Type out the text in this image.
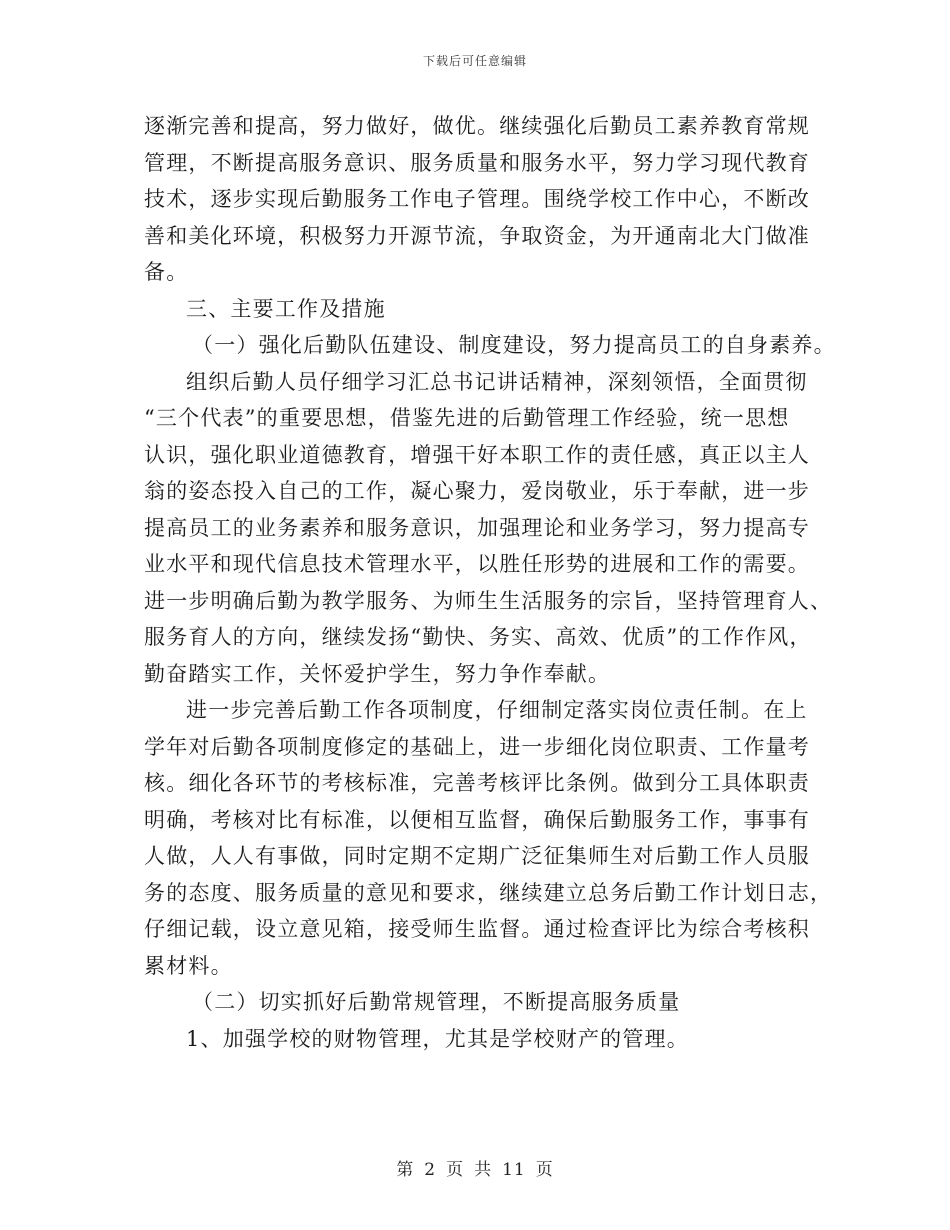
下载后可任意编辑
逐渐完善和提高，努力做好，做优。继续强化后勤员工素养教育常规
管理，不断提高服务意识、服务质量和服务水平，努力学习现代教育
技术，逐步实现后勤服务工作电子管理。围绕学校工作中心，不断改
善和美化环境，积极努力开源节流，争取资金，为开通南北大门做准
备。
三、主要工作及措施
（一）强化后勤队伍建设、制度建设，努力提高员工的自身素养。
组织后勤人员仔细学习汇总书记讲话精神，深刻领悟，全面贯彻
“三个代表”的重要思想，借鉴先进的后勤管理工作经验，统一思想
认识，强化职业道德教育，增强干好本职工作的责任感，真正以主人
翁的姿态投入自己的工作，凝心聚力，爱岗敬业，乐于奉献，进一步
提高员工的业务素养和服务意识，加强理论和业务学习，努力提高专
业水平和现代信息技术管理水平，以胜任形势的进展和工作的需要。
进一步明确后勤为教学服务、为师生生活服务的宗旨，坚持管理育人、
服务育人的方向，继续发扬“勤快、务实、高效、优质”的工作作风，
勤奋踏实工作，关怀爱护学生，努力争作奉献。
进一步完善后勤工作各项制度，仔细制定落实岗位责任制。在上
学年对后勤各项制度修定的基础上，进一步细化岗位职责、工作量考
核。细化各环节的考核标准，完善考核评比条例。做到分工具体职责
明确，考核对比有标准，以便相互监督，确保后勤服务工作，事事有
人做，人人有事做，同时定期不定期广泛征集师生对后勤工作人员服
务的态度、服务质量的意见和要求，继续建立总务后勤工作计划日志，
仔细记载，设立意见箱，接受师生监督。通过检查评比为综合考核积
累材料。
（二）切实抓好后勤常规管理，不断提高服务质量
1、加强学校的财物管理，尤其是学校财产的管理。
第 2 页 共 11 页
